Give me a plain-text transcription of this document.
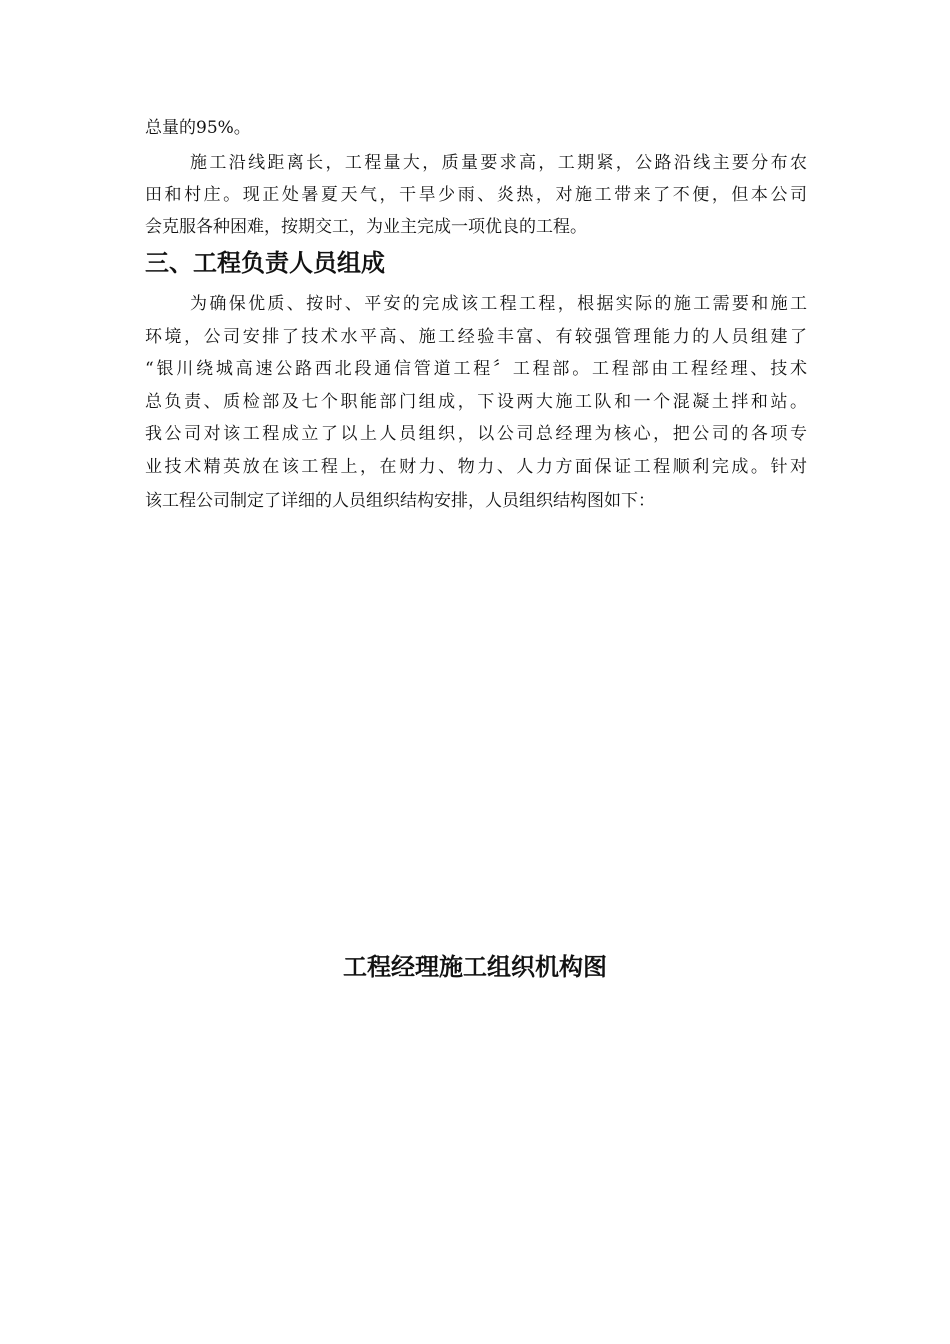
总量的95%。
施工沿线距离长，工程量大，质量要求高，工期紧，公路沿线主要分布农
田和村庄。现正处暑夏天气，干旱少雨、炎热，对施工带来了不便，但本公司
会克服各种困难，按期交工，为业主完成一项优良的工程。
三、工程负责人员组成
为确保优质、按时、平安的完成该工程工程，根据实际的施工需要和施工
环境，公司安排了技术水平高、施工经验丰富、有较强管理能力的人员组建了
“银川绕城高速公路西北段通信管道工程〞工程部。工程部由工程经理、技术
总负责、质检部及七个职能部门组成，下设两大施工队和一个混凝土拌和站。
我公司对该工程成立了以上人员组织，以公司总经理为核心，把公司的各项专
业技术精英放在该工程上，在财力、物力、人力方面保证工程顺利完成。针对
该工程公司制定了详细的人员组织结构安排，人员组织结构图如下：
工程经理施工组织机构图
